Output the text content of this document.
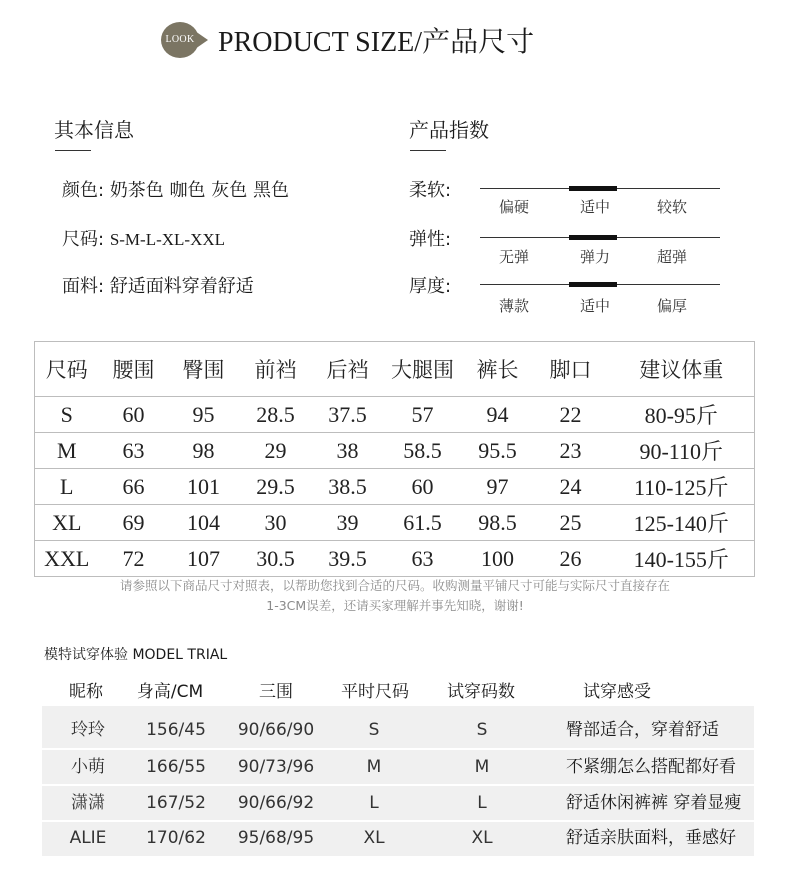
LOOK PRODUCT SIZE/产品尺寸
其本信息
颜色: 奶茶色 咖色 灰色 黑色
尺码: S-M-L-XL-XXL
面料: 舒适面料穿着舒适
产品指数
柔软:
偏硬	适中	较软
弹性:
无弹	弹力	超弹
厚度:
薄款	适中	偏厚
尺码	腰围	臀围	前裆	后裆	大腿围	裤长	脚口	建议体重
S	60	95	28.5	37.5	57	94	22	80-95斤
M	63	98	29	38	58.5	95.5	23	90-110斤
L	66	101	29.5	38.5	60	97	24	110-125斤
XL	69	104	30	39	61.5	98.5	25	125-140斤
XXL	72	107	30.5	39.5	63	100	26	140-155斤
请参照以下商品尺寸对照表，以帮助您找到合适的尺码。收购测量平铺尺寸可能与实际尺寸直接存在
1-3CM误差，还请买家理解并事先知晓，谢谢!
模特试穿体验 MODEL TRIAL
昵称	身高/CM	三围	平时尺码	试穿码数	试穿感受
玲玲	156/45	90/66/90	S	S	臀部适合，穿着舒适
小萌	166/55	90/73/96	M	M	不紧绷怎么搭配都好看
潇潇	167/52	90/66/92	L	L	舒适休闲裤裤 穿着显瘦
ALIE	170/62	95/68/95	XL	XL	舒适亲肤面料，垂感好
